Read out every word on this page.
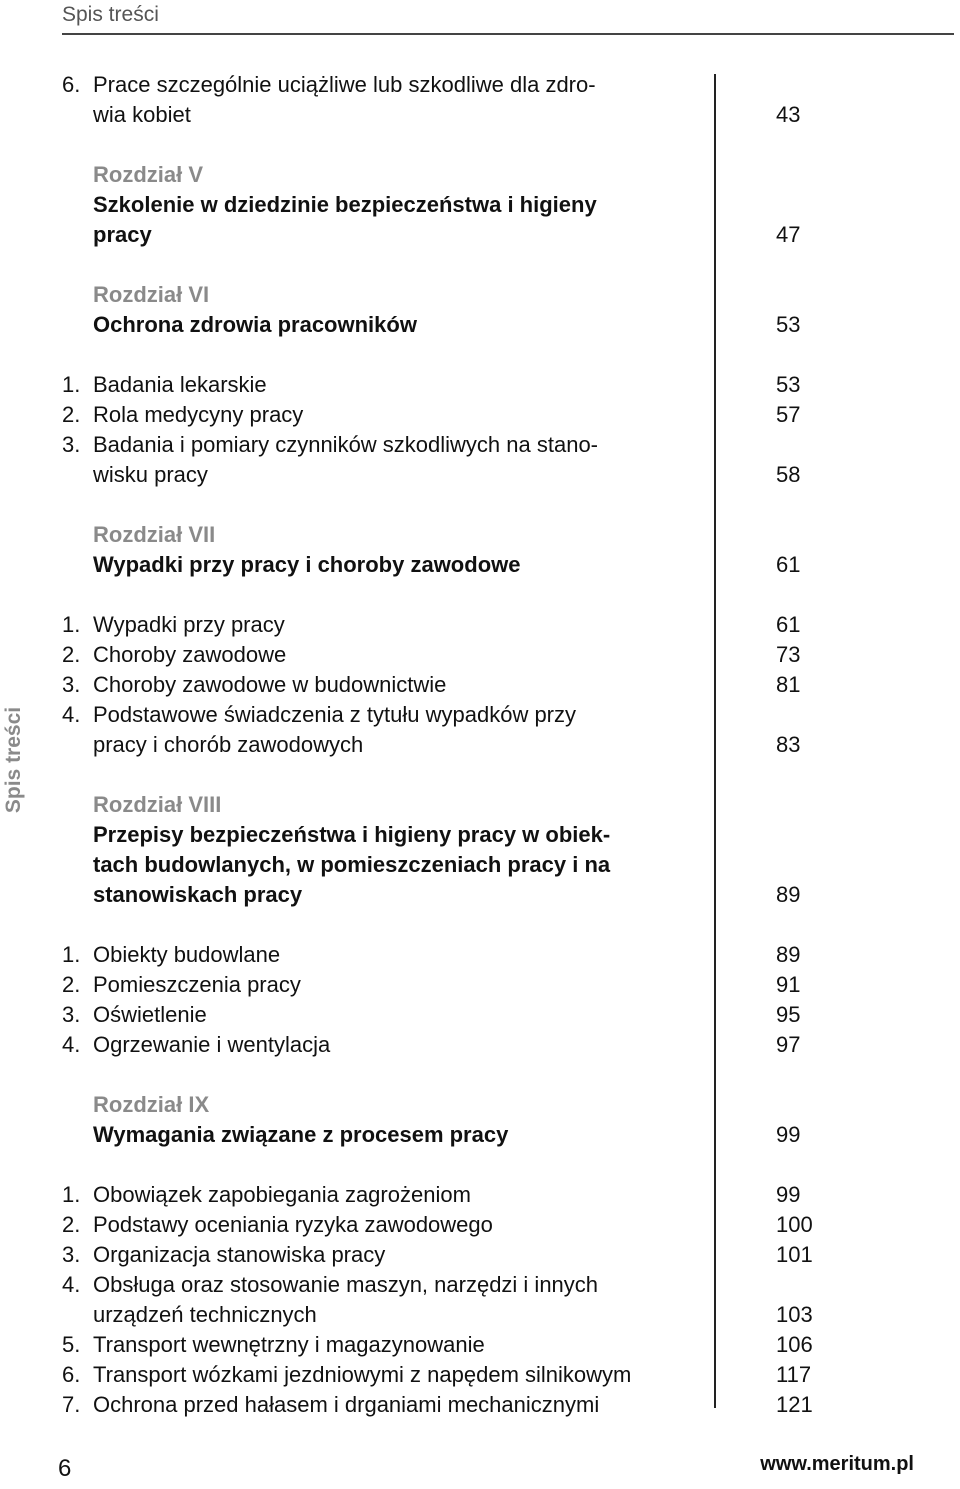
Spis treści
Spis treści
6. Prace szczególnie uciążliwe lub szkodliwe dla zdro-
wia kobiet	43
Rozdział V
Szkolenie w dziedzinie bezpieczeństwa i higieny
pracy	47
Rozdział VI
Ochrona zdrowia pracowników	53
1. Badania lekarskie	53
2. Rola medycyny pracy	57
3. Badania i pomiary czynników szkodliwych na stano-
wisku pracy	58
Rozdział VII
Wypadki przy pracy i choroby zawodowe	61
1. Wypadki przy pracy	61
2. Choroby zawodowe	73
3. Choroby zawodowe w budownictwie	81
4. Podstawowe świadczenia z tytułu wypadków przy
pracy i chorób zawodowych	83
Rozdział VIII
Przepisy bezpieczeństwa i higieny pracy w obiek-
tach budowlanych, w pomieszczeniach pracy i na
stanowiskach pracy	89
1. Obiekty budowlane	89
2. Pomieszczenia pracy	91
3. Oświetlenie	95
4. Ogrzewanie i wentylacja	97
Rozdział IX
Wymagania związane z procesem pracy	99
1. Obowiązek zapobiegania zagrożeniom	99
2. Podstawy oceniania ryzyka zawodowego	100
3. Organizacja stanowiska pracy	101
4. Obsługa oraz stosowanie maszyn, narzędzi i innych
urządzeń technicznych	103
5. Transport wewnętrzny i magazynowanie	106
6. Transport wózkami jezdniowymi z napędem silnikowym	117
7. Ochrona przed hałasem i drganiami mechanicznymi	121
6	www.meritum.pl
